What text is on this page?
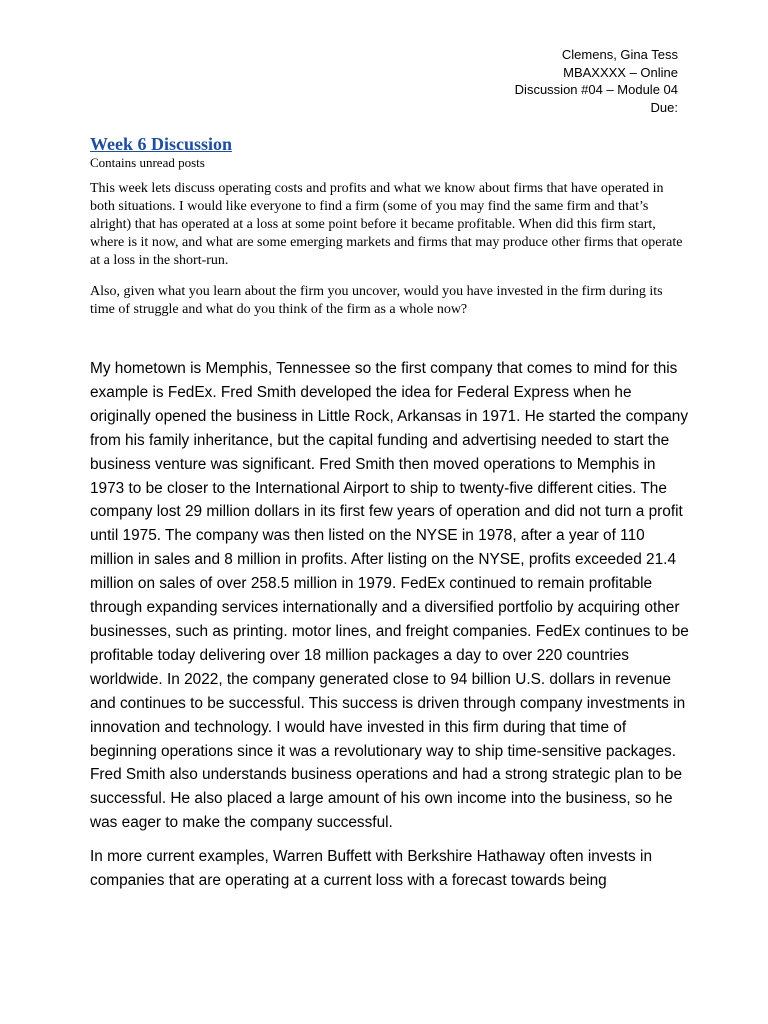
Clemens, Gina Tess
MBAXXXX – Online
Discussion #04 – Module 04
Due:
Week 6 Discussion
Contains unread posts

This week lets discuss operating costs and profits and what we know about firms that have operated in both situations. I would like everyone to find a firm (some of you may find the same firm and that’s alright) that has operated at a loss at some point before it became profitable. When did this firm start, where is it now, and what are some emerging markets and firms that may produce other firms that operate at a loss in the short-run.

Also, given what you learn about the firm you uncover, would you have invested in the firm during its time of struggle and what do you think of the firm as a whole now?

My hometown is Memphis, Tennessee so the first company that comes to mind for this example is FedEx. Fred Smith developed the idea for Federal Express when he originally opened the business in Little Rock, Arkansas in 1971. He started the company from his family inheritance, but the capital funding and advertising needed to start the business venture was significant. Fred Smith then moved operations to Memphis in 1973 to be closer to the International Airport to ship to twenty-five different cities. The company lost 29 million dollars in its first few years of operation and did not turn a profit until 1975. The company was then listed on the NYSE in 1978, after a year of 110 million in sales and 8 million in profits. After listing on the NYSE, profits exceeded 21.4 million on sales of over 258.5 million in 1979. FedEx continued to remain profitable through expanding services internationally and a diversified portfolio by acquiring other businesses, such as printing. motor lines, and freight companies. FedEx continues to be profitable today delivering over 18 million packages a day to over 220 countries worldwide. In 2022, the company generated close to 94 billion U.S. dollars in revenue and continues to be successful. This success is driven through company investments in innovation and technology. I would have invested in this firm during that time of beginning operations since it was a revolutionary way to ship time-sensitive packages. Fred Smith also understands business operations and had a strong strategic plan to be successful. He also placed a large amount of his own income into the business, so he was eager to make the company successful.

In more current examples, Warren Buffett with Berkshire Hathaway often invests in companies that are operating at a current loss with a forecast towards being
